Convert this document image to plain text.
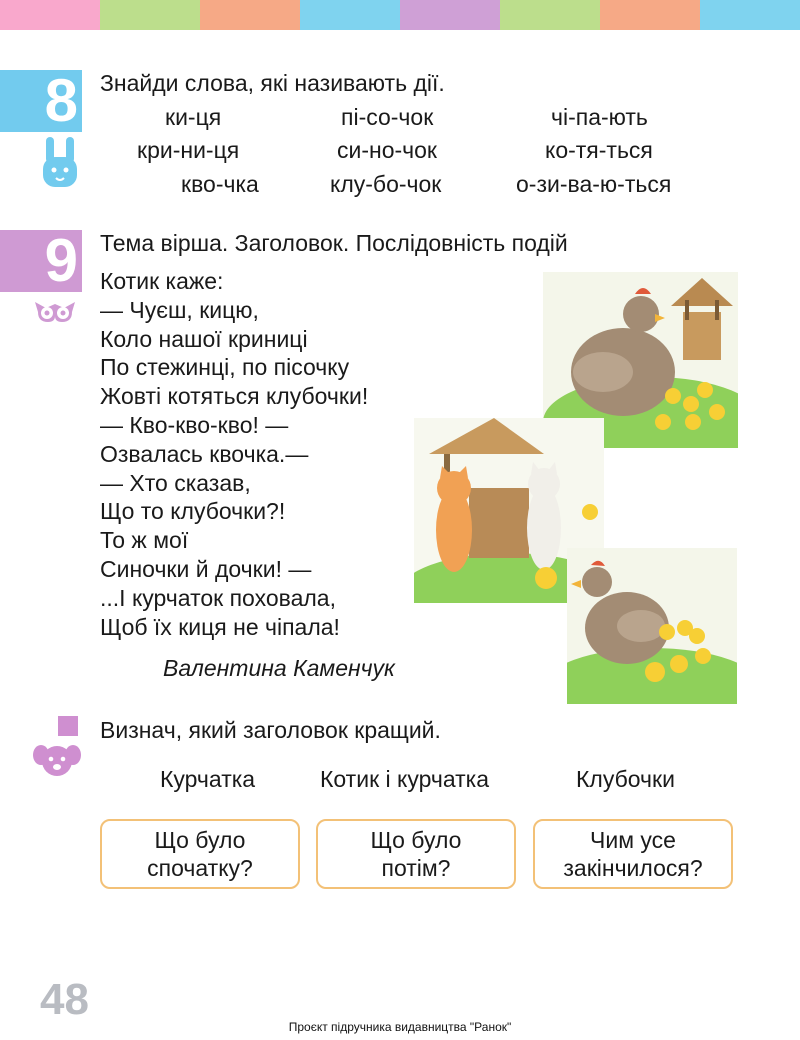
8 Знайди слова, які називають дії.
ки-ця	пі-со-чок	чі-па-ють
кри-ни-ця	си-но-чок	ко-тя-ться
кво-чка	клу-бо-чок	о-зи-ва-ю-ться
9 Тема вірша. Заголовок. Послідовність подій
Котик каже:
— Чуєш, кицю,
Коло нашої криниці
По стежинці, по пісочку
Жовті котяться клубочки!
— Кво-кво-кво! —
Озвалась квочка.—
— Хто сказав,
Що то клубочки?!
То ж мої
Синочки й дочки! —
...І курчаток поховала,
Щоб їх киця не чіпала!
Валентина Каменчук
Визнач, який заголовок кращий.
Курчатка	Котик і курчатка	Клубочки
Що було
спочатку?
Що було
потім?
Чим усе
закінчилося?
48
Проєкт підручника видавництва "Ранок"
